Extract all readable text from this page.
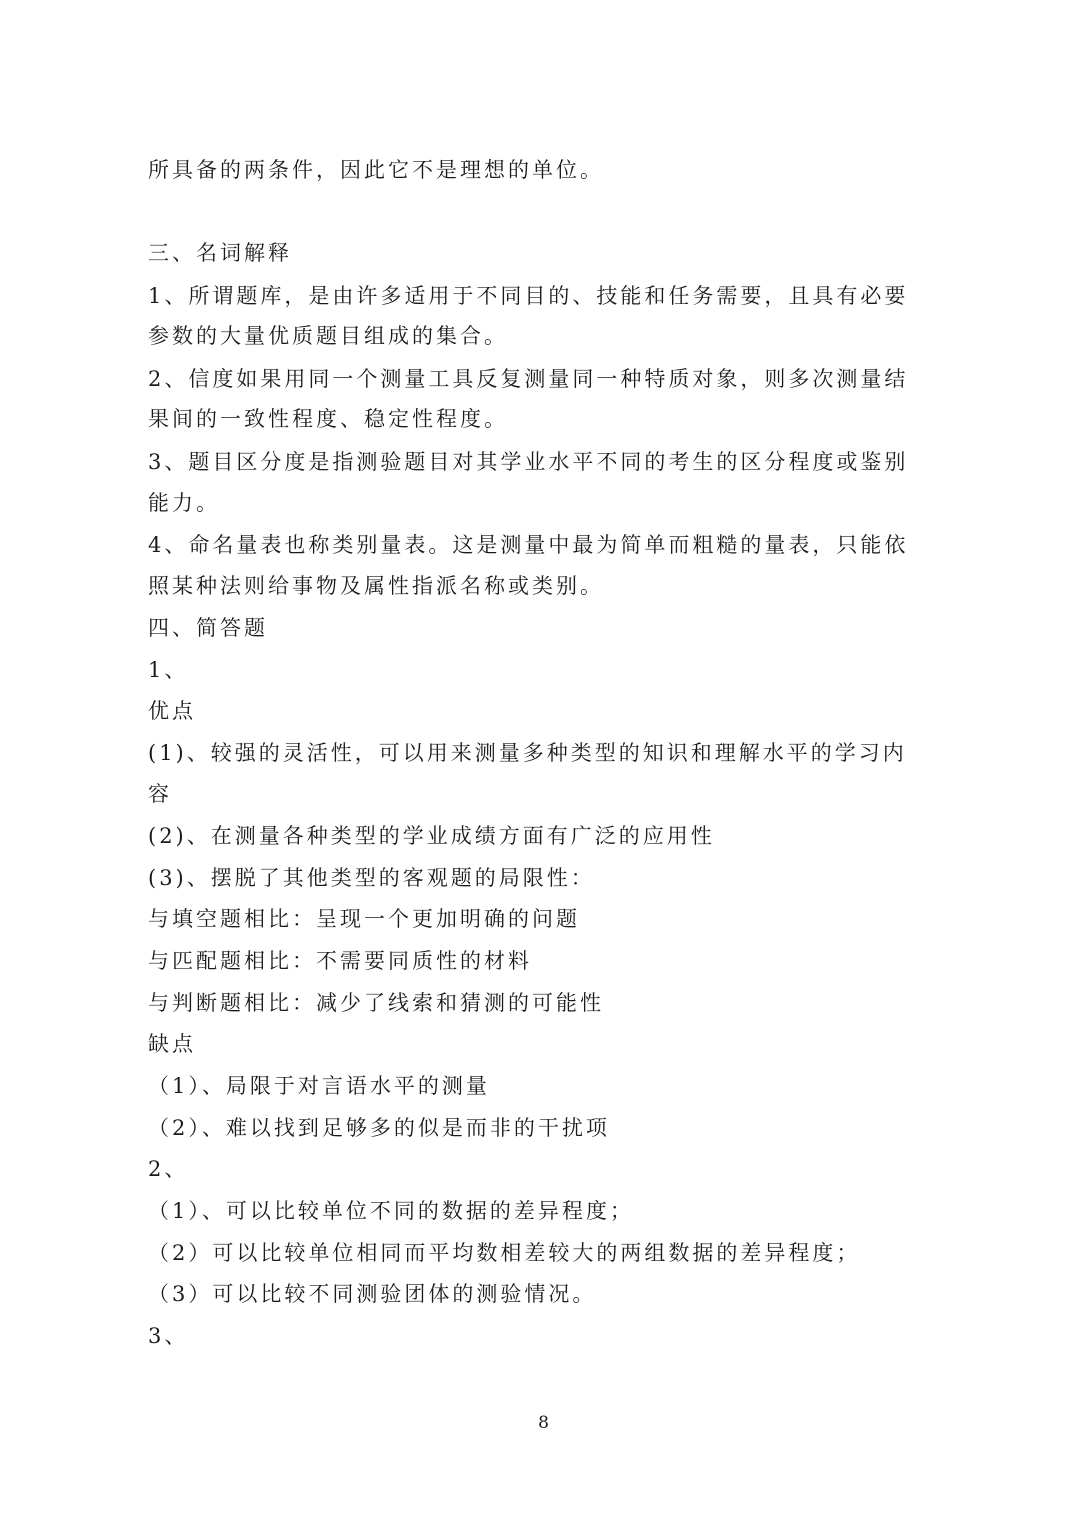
所具备的两条件，因此它不是理想的单位。
三、名词解释
1、所谓题库，是由许多适用于不同目的、技能和任务需要，且具有必要
参数的大量优质题目组成的集合。
2、信度如果用同一个测量工具反复测量同一种特质对象，则多次测量结
果间的一致性程度、稳定性程度。
3、题目区分度是指测验题目对其学业水平不同的考生的区分程度或鉴别
能力。
4、命名量表也称类别量表。这是测量中最为简单而粗糙的量表，只能依
照某种法则给事物及属性指派名称或类别。
四、简答题
1、
优点
(1)、较强的灵活性，可以用来测量多种类型的知识和理解水平的学习内
容
(2)、在测量各种类型的学业成绩方面有广泛的应用性
(3)、摆脱了其他类型的客观题的局限性：
与填空题相比：呈现一个更加明确的问题
与匹配题相比：不需要同质性的材料
与判断题相比：减少了线索和猜测的可能性
缺点
（1）、局限于对言语水平的测量
（2）、难以找到足够多的似是而非的干扰项
2、
（1）、可以比较单位不同的数据的差异程度；
（2）可以比较单位相同而平均数相差较大的两组数据的差异程度；
（3）可以比较不同测验团体的测验情况。
3、
8
